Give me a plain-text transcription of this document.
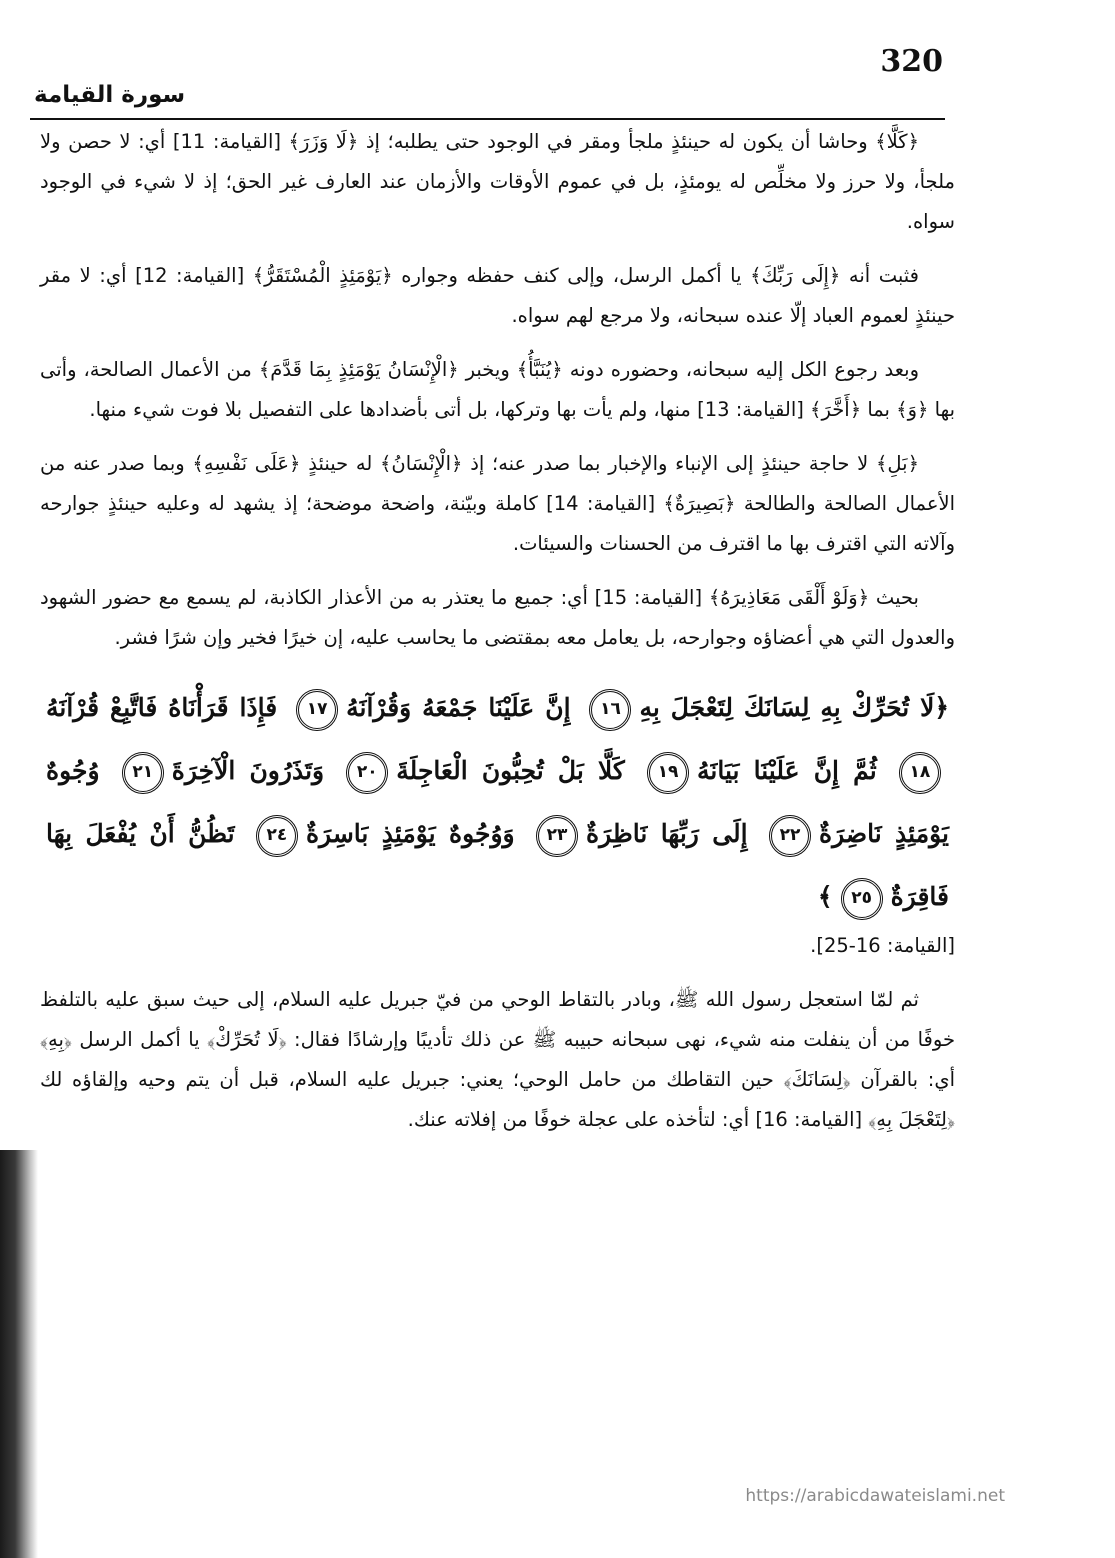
320
سورة القيامة

﴿كَلَّا﴾ وحاشا أن يكون له حينئذٍ ملجأ ومقر في الوجود حتى يطلبه؛ إذ ﴿لَا وَزَرَ﴾ [القيامة: 11] أي: لا حصن ولا ملجأ، ولا حرز ولا مخلِّص له يومئذٍ، بل في عموم الأوقات والأزمان عند العارف غير الحق؛ إذ لا شيء في الوجود سواه.

فثبت أنه ﴿إِلَى رَبِّكَ﴾ يا أكمل الرسل، وإلى كنف حفظه وجواره ﴿يَوْمَئِذٍ الْمُسْتَقَرُّ﴾ [القيامة: 12] أي: لا مقر حينئذٍ لعموم العباد إلّا عنده سبحانه، ولا مرجع لهم سواه.

وبعد رجوع الكل إليه سبحانه، وحضوره دونه ﴿يُنَبَّأُ﴾ ويخبر ﴿الْإِنْسَانُ يَوْمَئِذٍ بِمَا قَدَّمَ﴾ من الأعمال الصالحة، وأتى بها ﴿وَ﴾ بما ﴿أَخَّرَ﴾ [القيامة: 13] منها، ولم يأت بها وتركها، بل أتى بأضدادها على التفصيل بلا فوت شيء منها.

﴿بَلِ﴾ لا حاجة حينئذٍ إلى الإنباء والإخبار بما صدر عنه؛ إذ ﴿الْإِنْسَانُ﴾ له حينئذٍ ﴿عَلَى نَفْسِهِ﴾ وبما صدر عنه من الأعمال الصالحة والطالحة ﴿بَصِيرَةٌ﴾ [القيامة: 14] كاملة وبيّنة، واضحة موضحة؛ إذ يشهد له وعليه حينئذٍ جوارحه وآلاته التي اقترف بها ما اقترف من الحسنات والسيئات.

بحيث ﴿وَلَوْ أَلْقَى مَعَاذِيرَهُ﴾ [القيامة: 15] أي: جميع ما يعتذر به من الأعذار الكاذبة، لم يسمع مع حضور الشهود والعدول التي هي أعضاؤه وجوارحه، بل يعامل معه بمقتضى ما يحاسب عليه، إن خيرًا فخير وإن شرًا فشر.

﴿لَا تُحَرِّكْ بِهِ لِسَانَكَ لِتَعْجَلَ بِهِ١٦ إِنَّ عَلَيْنَا جَمْعَهُ وَقُرْآنَهُ١٧ فَإِذَا قَرَأْنَاهُ فَاتَّبِعْ قُرْآنَهُ١٨ ثُمَّ إِنَّ عَلَيْنَا بَيَانَهُ١٩ كَلَّا بَلْ تُحِبُّونَ الْعَاجِلَةَ٢٠ وَتَذَرُونَ الْآخِرَةَ٢١ وُجُوهٌ يَوْمَئِذٍ نَاضِرَةٌ٢٢ إِلَى رَبِّهَا نَاظِرَةٌ٢٣ وَوُجُوهٌ يَوْمَئِذٍ بَاسِرَةٌ٢٤ تَظُنُّ أَنْ يُفْعَلَ بِهَا فَاقِرَةٌ٢٥﴾

[القيامة: 16-25].

ثم لمّا استعجل رسول الله ﷺ، وبادر بالتقاط الوحي من فيّ جبريل عليه السلام، إلى حيث سبق عليه بالتلفظ خوفًا من أن ينفلت منه شيء، نهى سبحانه حبيبه ﷺ عن ذلك تأديبًا وإرشادًا فقال: ﴿لَا تُحَرِّكْ﴾ يا أكمل الرسل ﴿بِهِ﴾ أي: بالقرآن ﴿لِسَانَكَ﴾ حين التقاطك من حامل الوحي؛ يعني: جبريل عليه السلام، قبل أن يتم وحيه وإلقاؤه لك ﴿لِتَعْجَلَ بِهِ﴾ [القيامة: 16] أي: لتأخذه على عجلة خوفًا من إفلاته عنك.

https://arabicdawateislami.net
